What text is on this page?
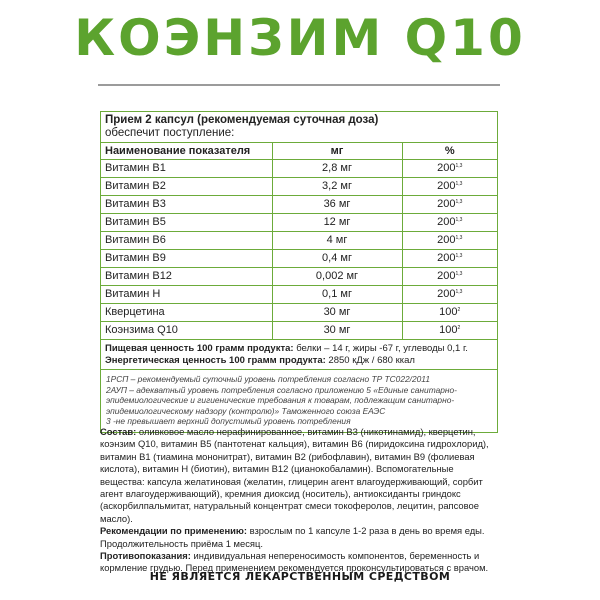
КОЭНЗИМ Q10
Прием 2 капсул (рекомендуемая суточная доза)
обеспечит поступление:
Наименование показателя	мг	%
Витамин В1	2,8 мг	200$^{1,3}$
Витамин В2	3,2 мг	200$^{1,3}$
Витамин В3	36 мг	200$^{1,3}$
Витамин В5	12 мг	200$^{1,3}$
Витамин В6	4 мг	200$^{1,3}$
Витамин В9	0,4 мг	200$^{1,3}$
Витамин В12	0,002 мг	200$^{1,3}$
Витамин Н	0,1 мг	200$^{1,3}$
Кверцетина	30 мг	$100^2$
Коэнзима Q10	30 мг	$100^2$
Пищевая ценность 100 грамм продукта: белки – 14 г, жиры -67 г, углеводы 0,1 г.
Энергетическая ценность 100 грамм продукта: 2850 кДж / 680 ккал
1РСП – рекомендуемый суточный уровень потребления согласно ТР ТС022/2011
2АУП – адекватный уровень потребления согласно приложению 5 «Единые санитарно-эпидемиологические и гигиенические требования к товарам, подлежащим санитарно-эпидемиологическому надзору (контролю)» Таможенного союза ЕАЭС
3 -не превышает верхний допустимый уровень потребления

Состав: оливковое масло нерафинированное, витамин В3 (никотинамид), кверцетин, коэнзим Q10, витамин В5 (пантотенат кальция), витамин В6 (пиридоксина гидрохлорид), витамин В1 (тиамина мононитрат), витамин В2 (рибофлавин), витамин В9 (фолиевая кислота), витамин Н (биотин), витамин В12 (цианокобаламин). Вспомогательные вещества: капсула желатиновая (желатин, глицерин агент влагоудерживающий, сорбит агент влагоудерживающий), кремния диоксид (носитель), антиоксиданты гриндокс (аскорбилпальмитат, натуральный концентрат смеси токоферолов, лецитин, рапсовое масло).

Рекомендации по применению: взрослым по 1 капсуле 1-2 раза в день во время еды.

Продолжительность приёма 1 месяц.

Противопоказания: индивидуальная непереносимость компонентов, беременность и кормление грудью. Перед применением рекомендуется проконсультироваться с врачом.

НЕ ЯВЛЯЕТСЯ ЛЕКАРСТВЕННЫМ СРЕДСТВОМ
